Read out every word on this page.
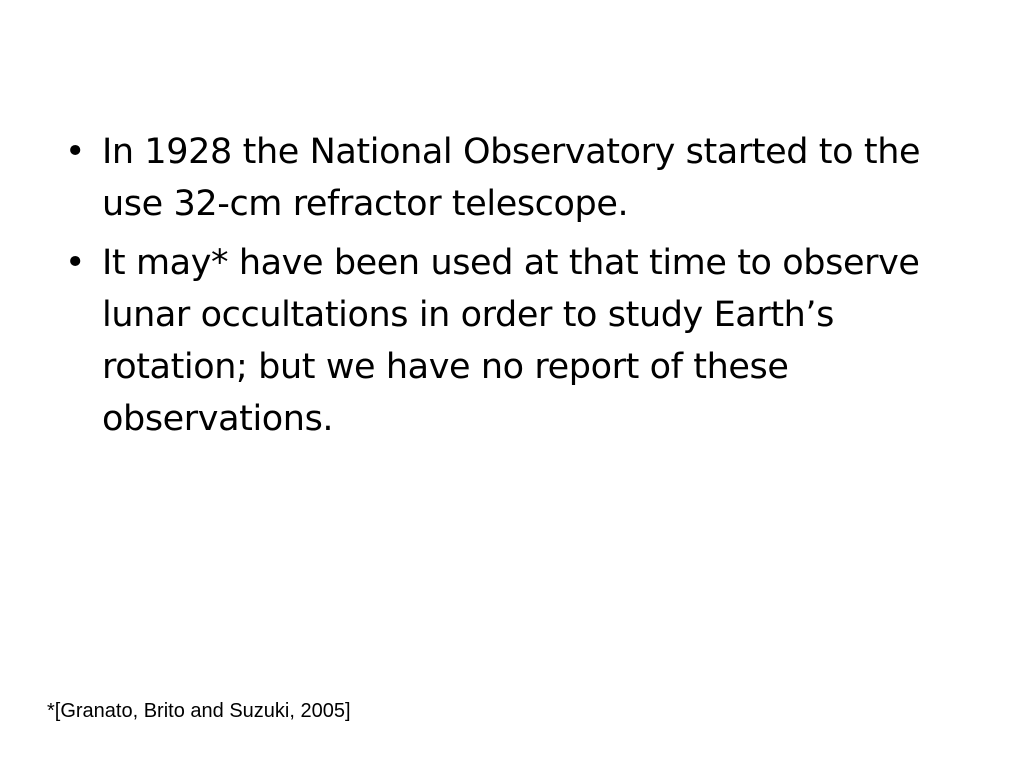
• In 1928 the National Observatory started to the use 32-cm refractor telescope.
• It may* have been used at that time to observe lunar occultations in order to study Earth’s rotation; but we have no report of these observations.
*[Granato, Brito and Suzuki, 2005]
